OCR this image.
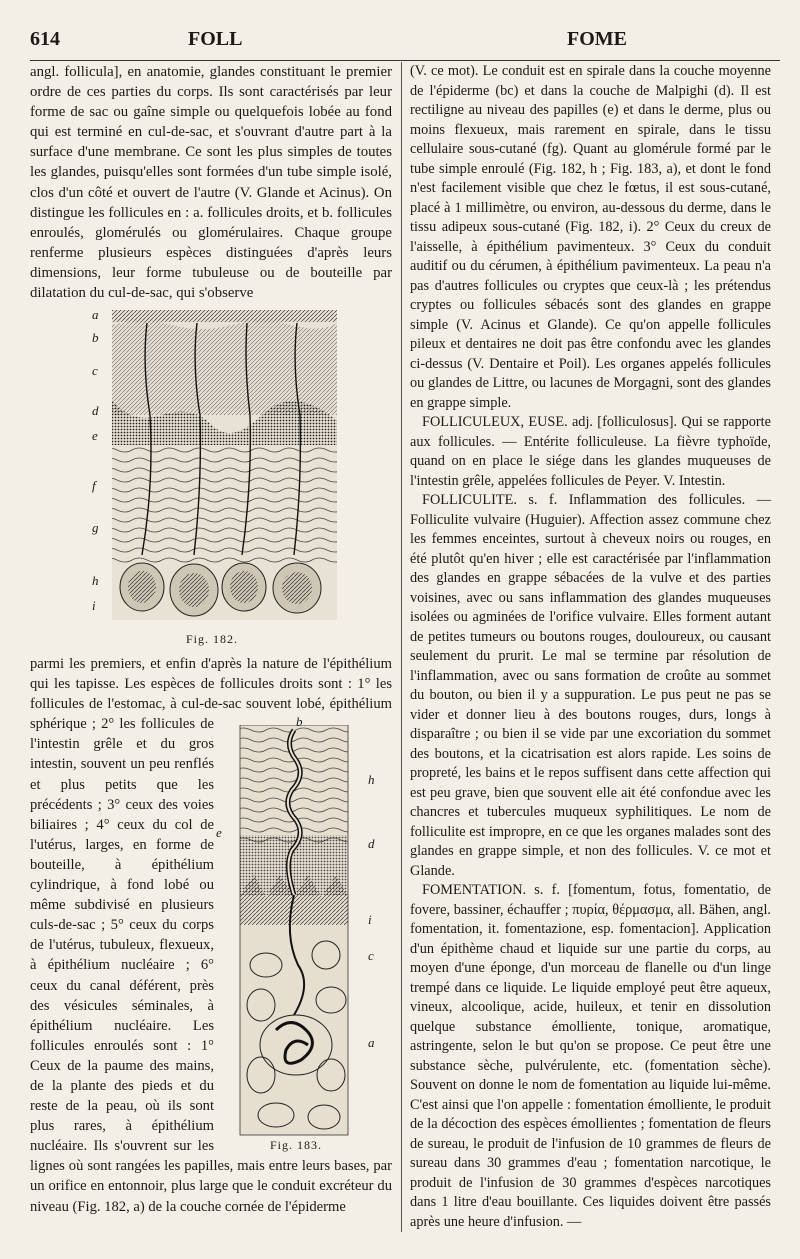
614	FOLL	FOME

angl. follicula], en anatomie, glandes constituant le premier ordre de ces parties du corps. Ils sont caractérisés par leur forme de sac ou gaîne simple ou quelquefois lobée au fond qui est terminé en cul-de-sac, et s'ouvrant d'autre part à la surface d'une membrane. Ce sont les plus simples de toutes les glandes, puisqu'elles sont formées d'un tube simple isolé, clos d'un côté et ouvert de l'autre (V. Glande et Acinus). On distingue les follicules en : a. follicules droits, et b. follicules enroulés, glomérulés ou glomérulaires. Chaque groupe renferme plusieurs espèces distinguées d'après leurs dimensions, leur forme tubuleuse ou de bouteille par dilatation du cul-de-sac, qui s'observe

a
b
c
d
e
f
g
h
i
Fig. 182.

parmi les premiers, et enfin d'après la nature de l'épithélium qui les tapisse. Les espèces de follicules droits sont : 1° les follicules de l'estomac, à cul-de-sac souvent lobé, épithélium sphérique ; 2° les follicules de l'intestin grêle et du gros intestin, souvent un peu renflés et plus petits que les précédents ; 3° ceux des voies biliaires ; 4° ceux du col de l'utérus, larges, en forme de bouteille, à épithélium cylindrique, à fond lobé ou même subdivisé en plusieurs culs-de-sac ; 5° ceux du corps de l'utérus, tubuleux, flexueux, à épithélium nucléaire ; 6° ceux du canal déférent, près des vésicules séminales, à épithélium nucléaire. Les follicules enroulés sont : 1° Ceux de la paume des mains, de la plante des pieds et du reste de la peau, où ils sont plus rares, à épithélium nucléaire. Ils s'ouvrent sur les lignes où sont rangées les papilles, mais entre leurs bases, par un orifice en entonnoir, plus large que le conduit excréteur du niveau (Fig. 182, a) de la couche cornée de l'épiderme

b
h
e
d
i
c
a
Fig. 183.

(V. ce mot). Le conduit est en spirale dans la couche moyenne de l'épiderme (bc) et dans la couche de Malpighi (d). Il est rectiligne au niveau des papilles (e) et dans le derme, plus ou moins flexueux, mais rarement en spirale, dans le tissu cellulaire sous-cutané (fg). Quant au glomérule formé par le tube simple enroulé (Fig. 182, h ; Fig. 183, a), et dont le fond n'est facilement visible que chez le fœtus, il est sous-cutané, placé à 1 millimètre, ou environ, au-dessous du derme, dans le tissu adipeux sous-cutané (Fig. 182, i). 2° Ceux du creux de l'aisselle, à épithélium pavimenteux. 3° Ceux du conduit auditif ou du cérumen, à épithélium pavimenteux. La peau n'a pas d'autres follicules ou cryptes que ceux-là ; les prétendus cryptes ou follicules sébacés sont des glandes en grappe simple (V. Acinus et Glande). Ce qu'on appelle follicules pileux et dentaires ne doit pas être confondu avec les glandes ci-dessus (V. Dentaire et Poil). Les organes appelés follicules ou glandes de Littre, ou lacunes de Morgagni, sont des glandes en grappe simple.

FOLLICULEUX, EUSE. adj. [folliculosus]. Qui se rapporte aux follicules. — Entérite folliculeuse. La fièvre typhoïde, quand on en place le siége dans les glandes muqueuses de l'intestin grêle, appelées follicules de Peyer. V. Intestin.

FOLLICULITE. s. f. Inflammation des follicules. — Folliculite vulvaire (Huguier). Affection assez commune chez les femmes enceintes, surtout à cheveux noirs ou rouges, en été plutôt qu'en hiver ; elle est caractérisée par l'inflammation des glandes en grappe sébacées de la vulve et des parties voisines, avec ou sans inflammation des glandes muqueuses isolées ou agminées de l'orifice vulvaire. Elles forment autant de petites tumeurs ou boutons rouges, douloureux, ou causant seulement du prurit. Le mal se termine par résolution de l'inflammation, avec ou sans formation de croûte au sommet du bouton, ou bien il y a suppuration. Le pus peut ne pas se vider et donner lieu à des boutons rouges, durs, longs à disparaître ; ou bien il se vide par une excoriation du sommet des boutons, et la cicatrisation est alors rapide. Les soins de propreté, les bains et le repos suffisent dans cette affection qui est peu grave, bien que souvent elle ait été confondue avec les chancres et tubercules muqueux syphilitiques. Le nom de folliculite est impropre, en ce que les organes malades sont des glandes en grappe simple, et non des follicules. V. ce mot et Glande.

FOMENTATION. s. f. [fomentum, fotus, fomentatio, de fovere, bassiner, échauffer ; πυρία, θέρμασμα, all. Bähen, angl. fomentation, it. fomentazione, esp. fomentacion]. Application d'un épithème chaud et liquide sur une partie du corps, au moyen d'une éponge, d'un morceau de flanelle ou d'un linge trempé dans ce liquide. Le liquide employé peut être aqueux, vineux, alcoolique, acide, huileux, et tenir en dissolution quelque substance émolliente, tonique, aromatique, astringente, selon le but qu'on se propose. Ce peut être une substance sèche, pulvérulente, etc. (fomentation sèche). Souvent on donne le nom de fomentation au liquide lui-même. C'est ainsi que l'on appelle : fomentation émolliente, le produit de la décoction des espèces émollientes ; fomentation de fleurs de sureau, le produit de l'infusion de 10 grammes de fleurs de sureau dans 30 grammes d'eau ; fomentation narcotique, le produit de l'infusion de 30 grammes d'espèces narcotiques dans 1 litre d'eau bouillante. Ces liquides doivent être passés après une heure d'infusion. —
